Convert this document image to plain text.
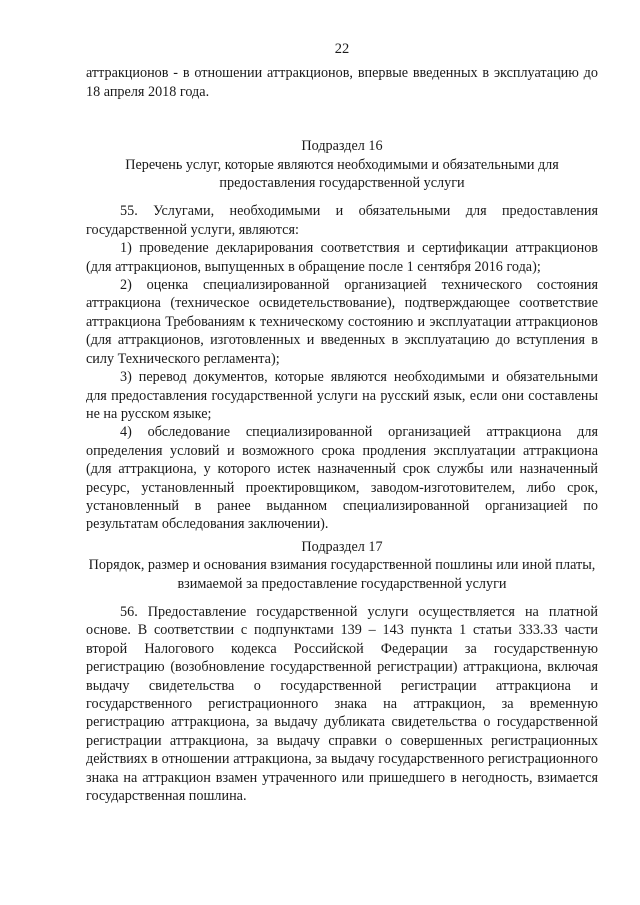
22

аттракционов - в отношении аттракционов, впервые введенных в эксплуатацию до 18 апреля 2018 года.

Подраздел 16
Перечень услуг, которые являются необходимыми и обязательными для предоставления государственной услуги

55. Услугами, необходимыми и обязательными для предоставления государственной услуги, являются:

1) проведение декларирования соответствия и сертификации аттракционов (для аттракционов, выпущенных в обращение после 1 сентября 2016 года);

2) оценка специализированной организацией технического состояния аттракциона (техническое освидетельствование), подтверждающее соответствие аттракциона Требованиям к техническому состоянию и эксплуатации аттракционов (для аттракционов, изготовленных и введенных в эксплуатацию до вступления в силу Технического регламента);

3) перевод документов, которые являются необходимыми и обязательными для предоставления государственной услуги на русский язык, если они составлены не на русском языке;

4) обследование специализированной организацией аттракциона для определения условий и возможного срока продления эксплуатации аттракциона (для аттракциона, у которого истек назначенный срок службы или назначенный ресурс, установленный проектировщиком, заводом-изготовителем, либо срок, установленный в ранее выданном специализированной организацией по результатам обследования заключении).

Подраздел 17
Порядок, размер и основания взимания государственной пошлины или иной платы, взимаемой за предоставление государственной услуги

56. Предоставление государственной услуги осуществляется на платной основе. В соответствии с подпунктами 139 – 143 пункта 1 статьи 333.33 части второй Налогового кодекса Российской Федерации за государственную регистрацию (возобновление государственной регистрации) аттракциона, включая выдачу свидетельства о государственной регистрации аттракциона и государственного регистрационного знака на аттракцион, за временную регистрацию аттракциона, за выдачу дубликата свидетельства о государственной регистрации аттракциона, за выдачу справки о совершенных регистрационных действиях в отношении аттракциона, за выдачу государственного регистрационного знака на аттракцион взамен утраченного или пришедшего в негодность, взимается государственная пошлина.
